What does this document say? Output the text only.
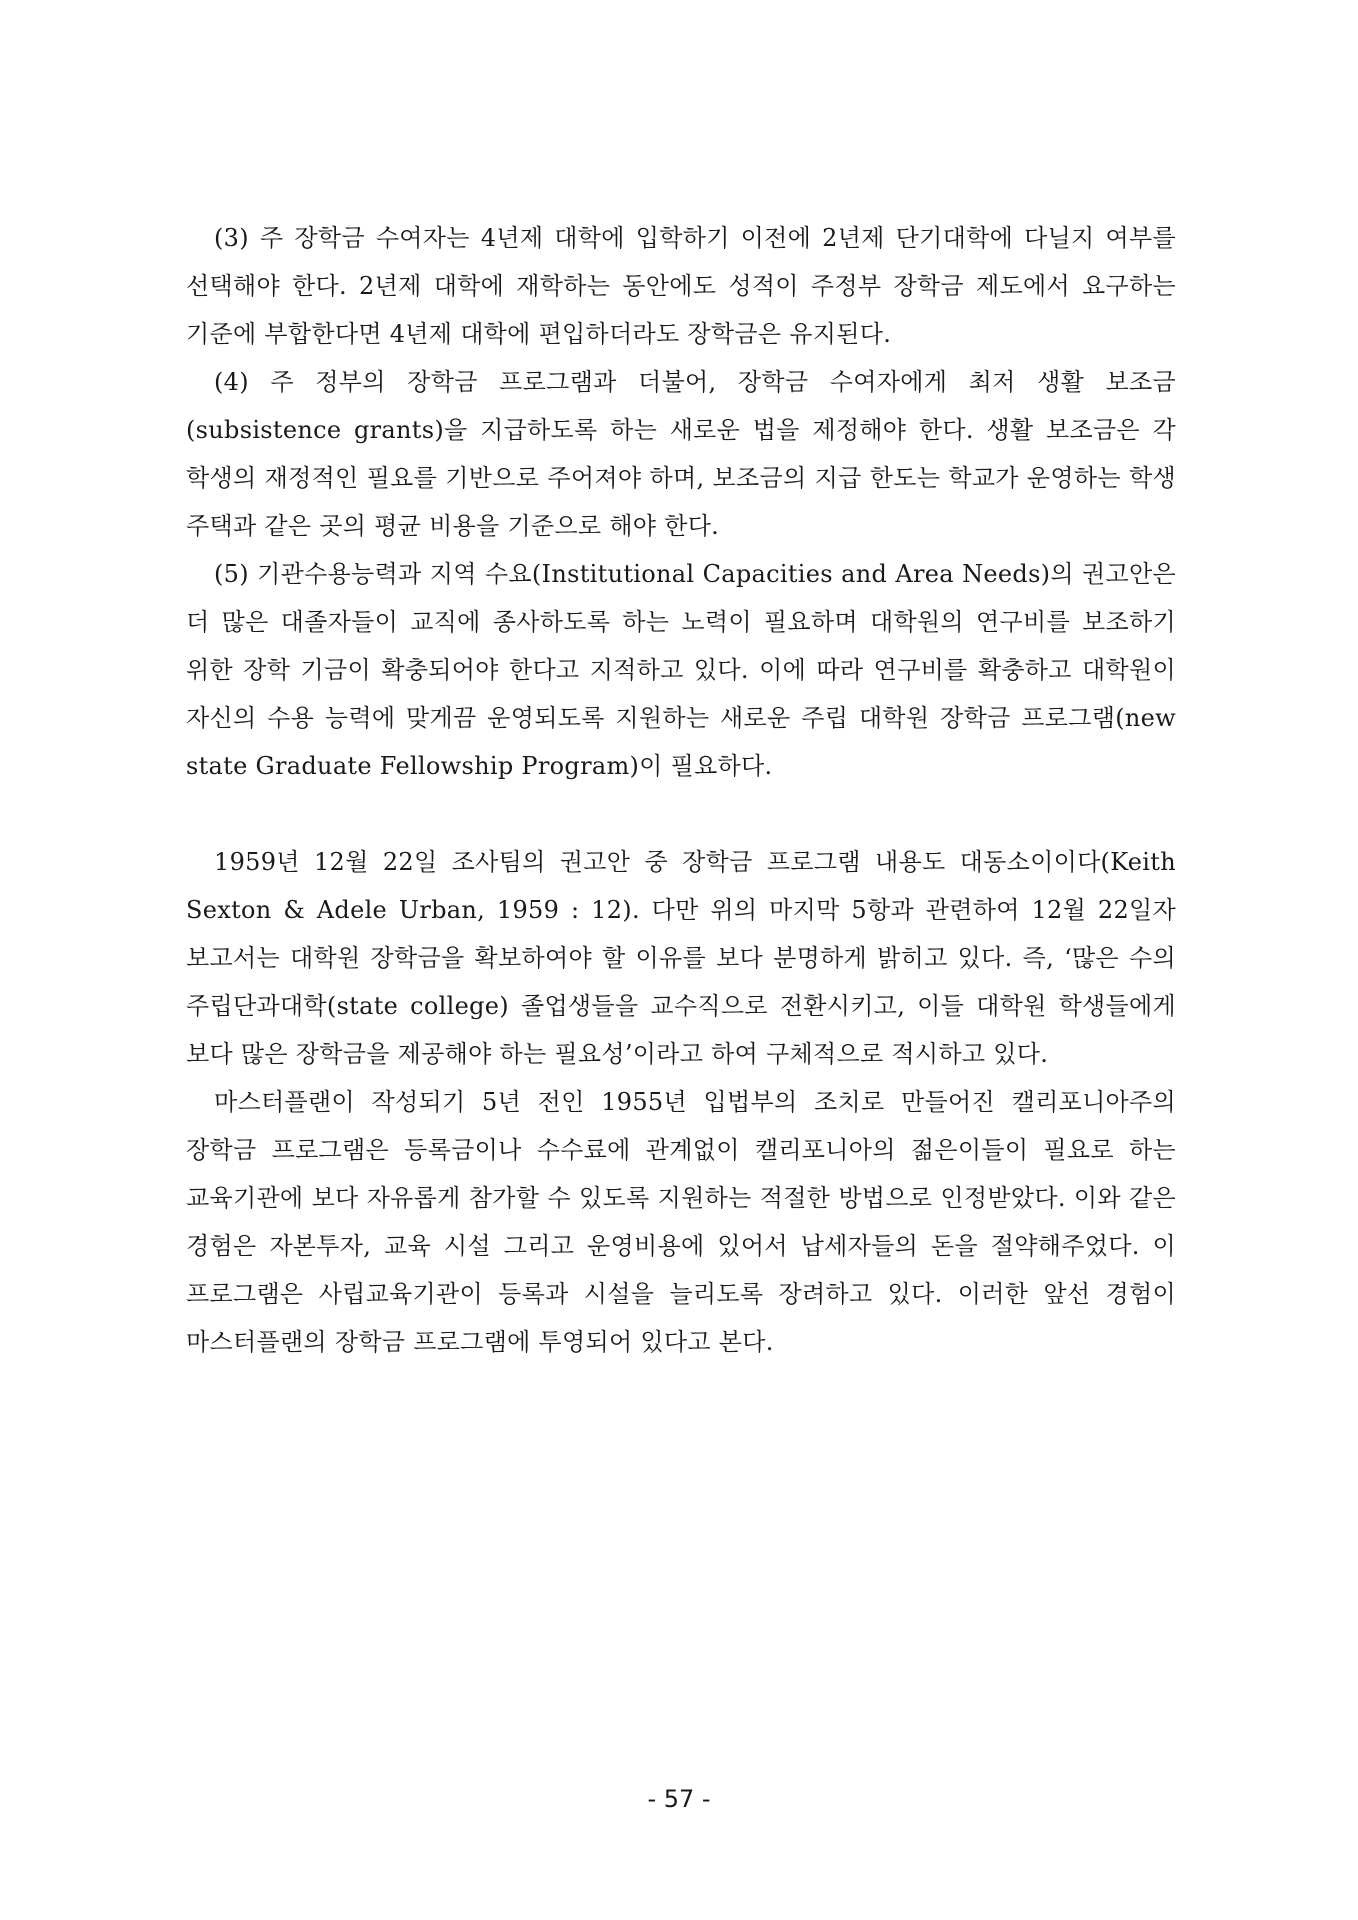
(3) 주 장학금 수여자는 4년제 대학에 입학하기 이전에 2년제 단기대학에 다닐지 여부를 선택해야 한다. 2년제 대학에 재학하는 동안에도 성적이 주정부 장학금 제도에서 요구하는 기준에 부합한다면 4년제 대학에 편입하더라도 장학금은 유지된다.

(4) 주 정부의 장학금 프로그램과 더불어, 장학금 수여자에게 최저 생활 보조금(subsistence grants)을 지급하도록 하는 새로운 법을 제정해야 한다. 생활 보조금은 각 학생의 재정적인 필요를 기반으로 주어져야 하며, 보조금의 지급 한도는 학교가 운영하는 학생 주택과 같은 곳의 평균 비용을 기준으로 해야 한다.

(5) 기관수용능력과 지역 수요(Institutional Capacities and Area Needs)의 권고안은 더 많은 대졸자들이 교직에 종사하도록 하는 노력이 필요하며 대학원의 연구비를 보조하기 위한 장학 기금이 확충되어야 한다고 지적하고 있다. 이에 따라 연구비를 확충하고 대학원이 자신의 수용 능력에 맞게끔 운영되도록 지원하는 새로운 주립 대학원 장학금 프로그램(new state Graduate Fellowship Program)이 필요하다.

1959년 12월 22일 조사팀의 권고안 중 장학금 프로그램 내용도 대동소이이다(Keith Sexton & Adele Urban, 1959 : 12). 다만 위의 마지막 5항과 관련하여 12월 22일자 보고서는 대학원 장학금을 확보하여야 할 이유를 보다 분명하게 밝히고 있다. 즉, ‘많은 수의 주립단과대학(state college) 졸업생들을 교수직으로 전환시키고, 이들 대학원 학생들에게 보다 많은 장학금을 제공해야 하는 필요성’이라고 하여 구체적으로 적시하고 있다.

마스터플랜이 작성되기 5년 전인 1955년 입법부의 조치로 만들어진 캘리포니아주의 장학금 프로그램은 등록금이나 수수료에 관계없이 캘리포니아의 젊은이들이 필요로 하는 교육기관에 보다 자유롭게 참가할 수 있도록 지원하는 적절한 방법으로 인정받았다. 이와 같은 경험은 자본투자, 교육 시설 그리고 운영비용에 있어서 납세자들의 돈을 절약해주었다. 이 프로그램은 사립교육기관이 등록과 시설을 늘리도록 장려하고 있다. 이러한 앞선 경험이 마스터플랜의 장학금 프로그램에 투영되어 있다고 본다.

- 57 -
